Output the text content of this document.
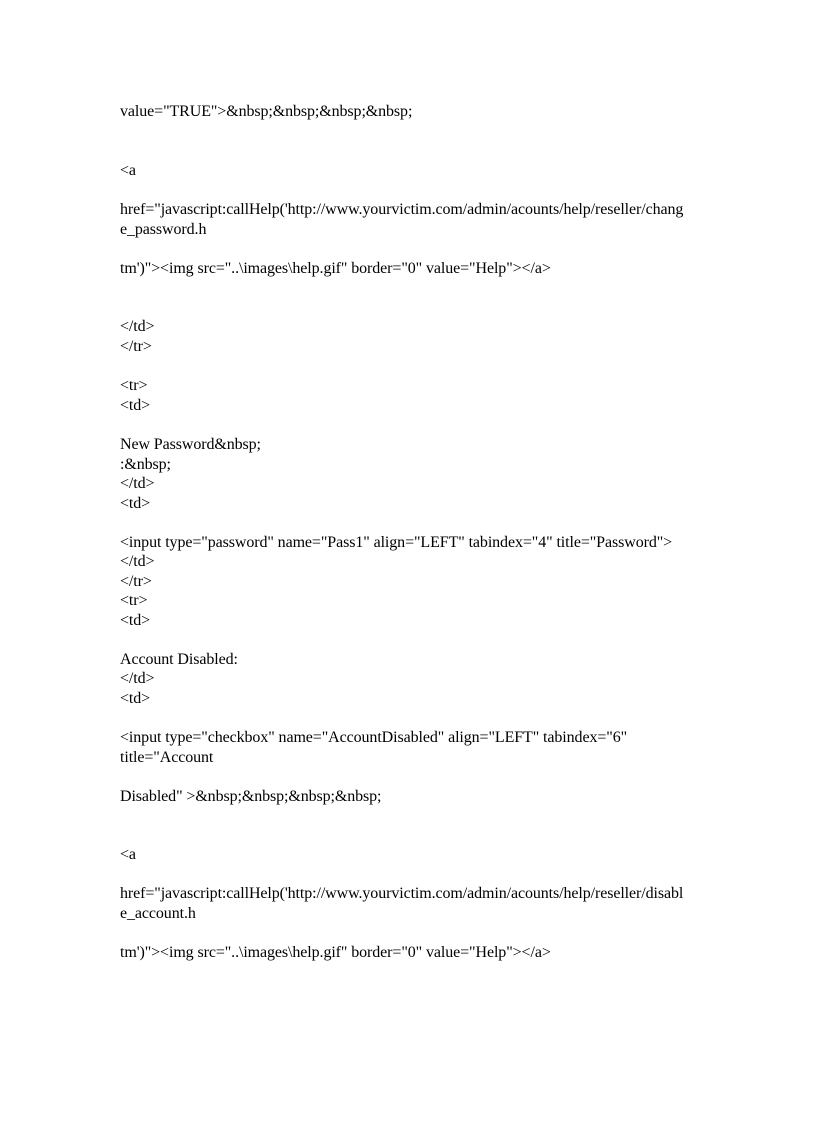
value="TRUE">&nbsp;&nbsp;&nbsp;&nbsp;
<a
href="javascript:callHelp('http://www.yourvictim.com/admin/acounts/help/reseller/chang
e_password.h
tm')"><img src="..\images\help.gif" border="0" value="Help"></a>
</td>
</tr>
<tr>
<td>
New Password&nbsp;
:&nbsp;
</td>
<td>
<input type="password" name="Pass1" align="LEFT" tabindex="4" title="Password">
</td>
</tr>
<tr>
<td>
Account Disabled:
</td>
<td>
<input type="checkbox" name="AccountDisabled" align="LEFT" tabindex="6"
title="Account
Disabled" >&nbsp;&nbsp;&nbsp;&nbsp;
<a
href="javascript:callHelp('http://www.yourvictim.com/admin/acounts/help/reseller/disabl
e_account.h
tm')"><img src="..\images\help.gif" border="0" value="Help"></a>
